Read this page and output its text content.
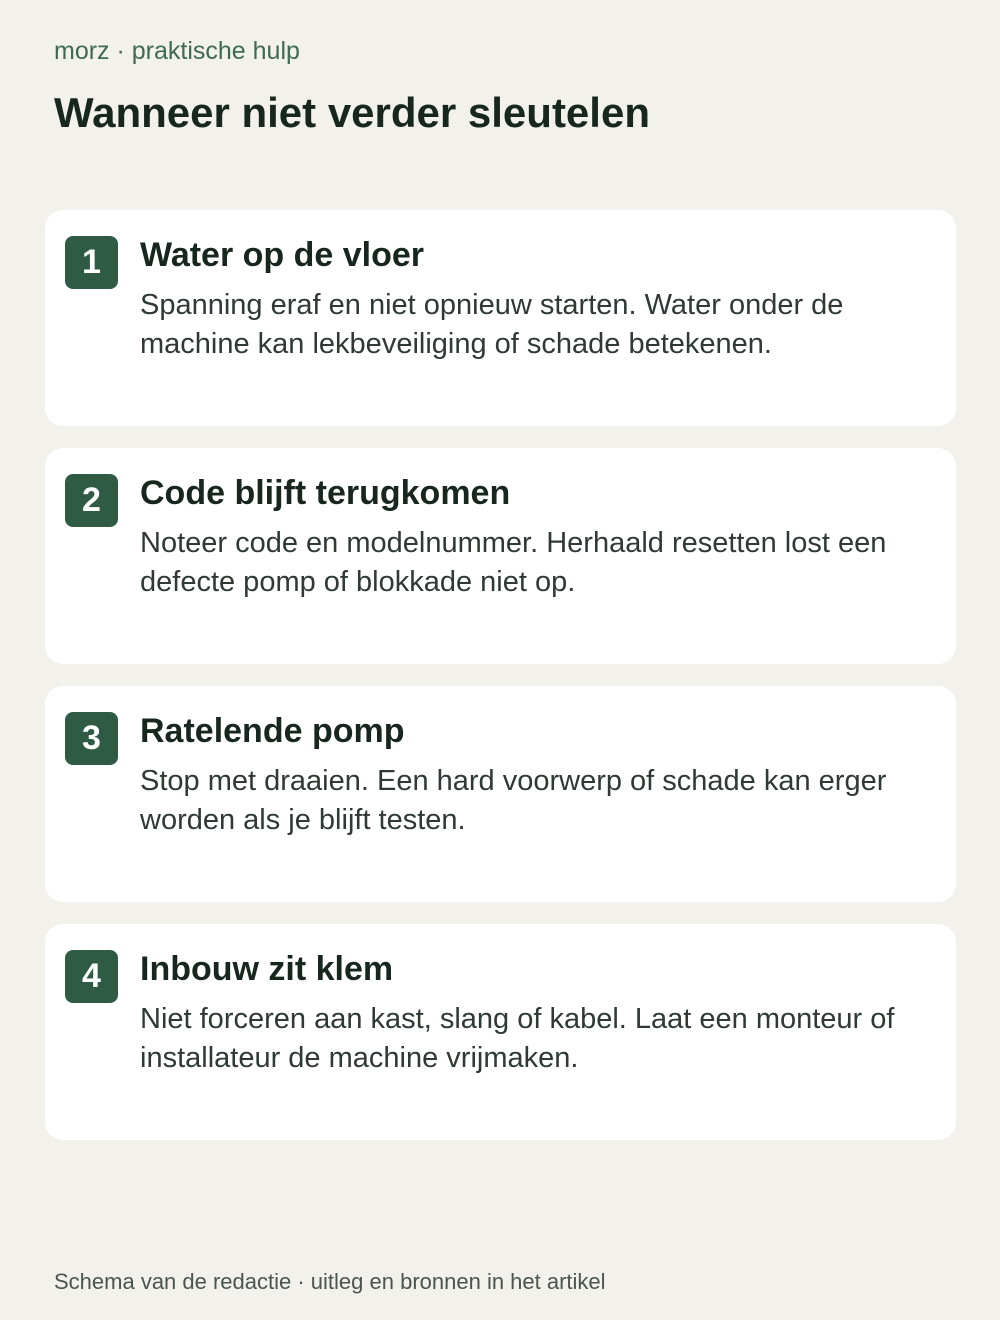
morz · praktische hulp
Wanneer niet verder sleutelen
1	Water op de vloer

Spanning eraf en niet opnieuw starten. Water onder de machine kan lekbeveiliging of schade betekenen.

2	Code blijft terugkomen

Noteer code en modelnummer. Herhaald resetten lost een defecte pomp of blokkade niet op.

3	Ratelende pomp

Stop met draaien. Een hard voorwerp of schade kan erger worden als je blijft testen.

4	Inbouw zit klem

Niet forceren aan kast, slang of kabel. Laat een monteur of installateur de machine vrijmaken.

Schema van de redactie · uitleg en bronnen in het artikel
